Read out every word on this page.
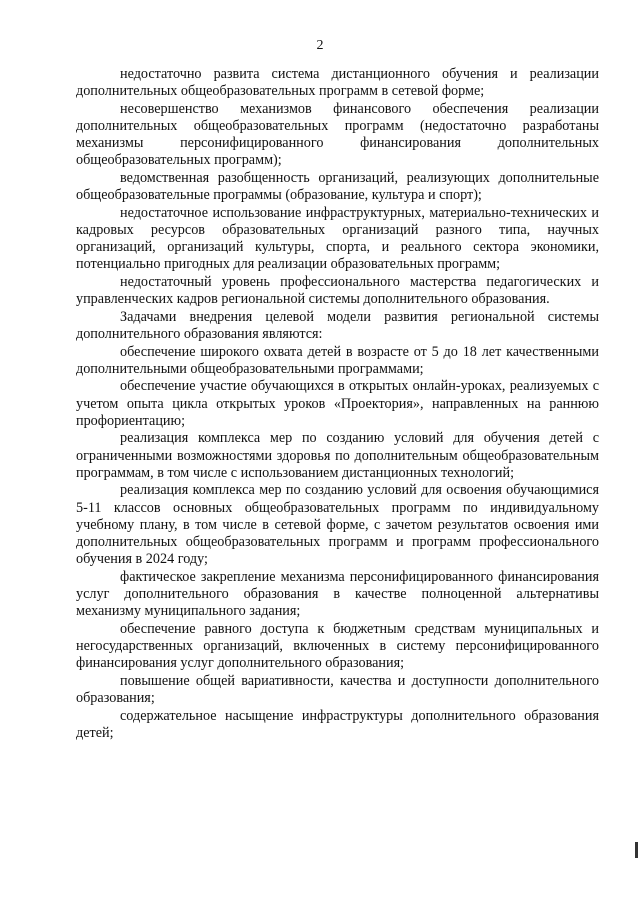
2

недостаточно развита система дистанционного обучения и реализации дополнительных общеобразовательных программ в сетевой форме;

несовершенство механизмов финансового обеспечения реализации дополнительных общеобразовательных программ (недостаточно разработаны механизмы персонифицированного финансирования дополнительных общеобразовательных программ);

ведомственная разобщенность организаций, реализующих дополнительные общеобразовательные программы (образование, культура и спорт);

недостаточное использование инфраструктурных, материально-технических и кадровых ресурсов образовательных организаций разного типа, научных организаций, организаций культуры, спорта, и реального сектора экономики, потенциально пригодных для реализации образовательных программ;

недостаточный уровень профессионального мастерства педагогических и управленческих кадров региональной системы дополнительного образования.

Задачами внедрения целевой модели развития региональной системы дополнительного образования являются:

обеспечение широкого охвата детей в возрасте от 5 до 18 лет качественными дополнительными общеобразовательными программами;

обеспечение участие обучающихся в открытых онлайн-уроках, реализуемых с учетом опыта цикла открытых уроков «Проектория», направленных на раннюю профориентацию;

реализация комплекса мер по созданию условий для обучения детей с ограниченными возможностями здоровья по дополнительным общеобразовательным программам, в том числе с использованием дистанционных технологий;

реализация комплекса мер по созданию условий для освоения обучающимися 5-11 классов основных общеобразовательных программ по индивидуальному учебному плану, в том числе в сетевой форме, с зачетом результатов освоения ими дополнительных общеобразовательных программ и программ профессионального обучения в 2024 году;

фактическое закрепление механизма персонифицированного финансирования услуг дополнительного образования в качестве полноценной альтернативы механизму муниципального задания;

обеспечение равного доступа к бюджетным средствам муниципальных и негосударственных организаций, включенных в систему персонифицированного финансирования услуг дополнительного образования;

повышение общей вариативности, качества и доступности дополнительного образования;

содержательное насыщение инфраструктуры дополнительного образования детей;
